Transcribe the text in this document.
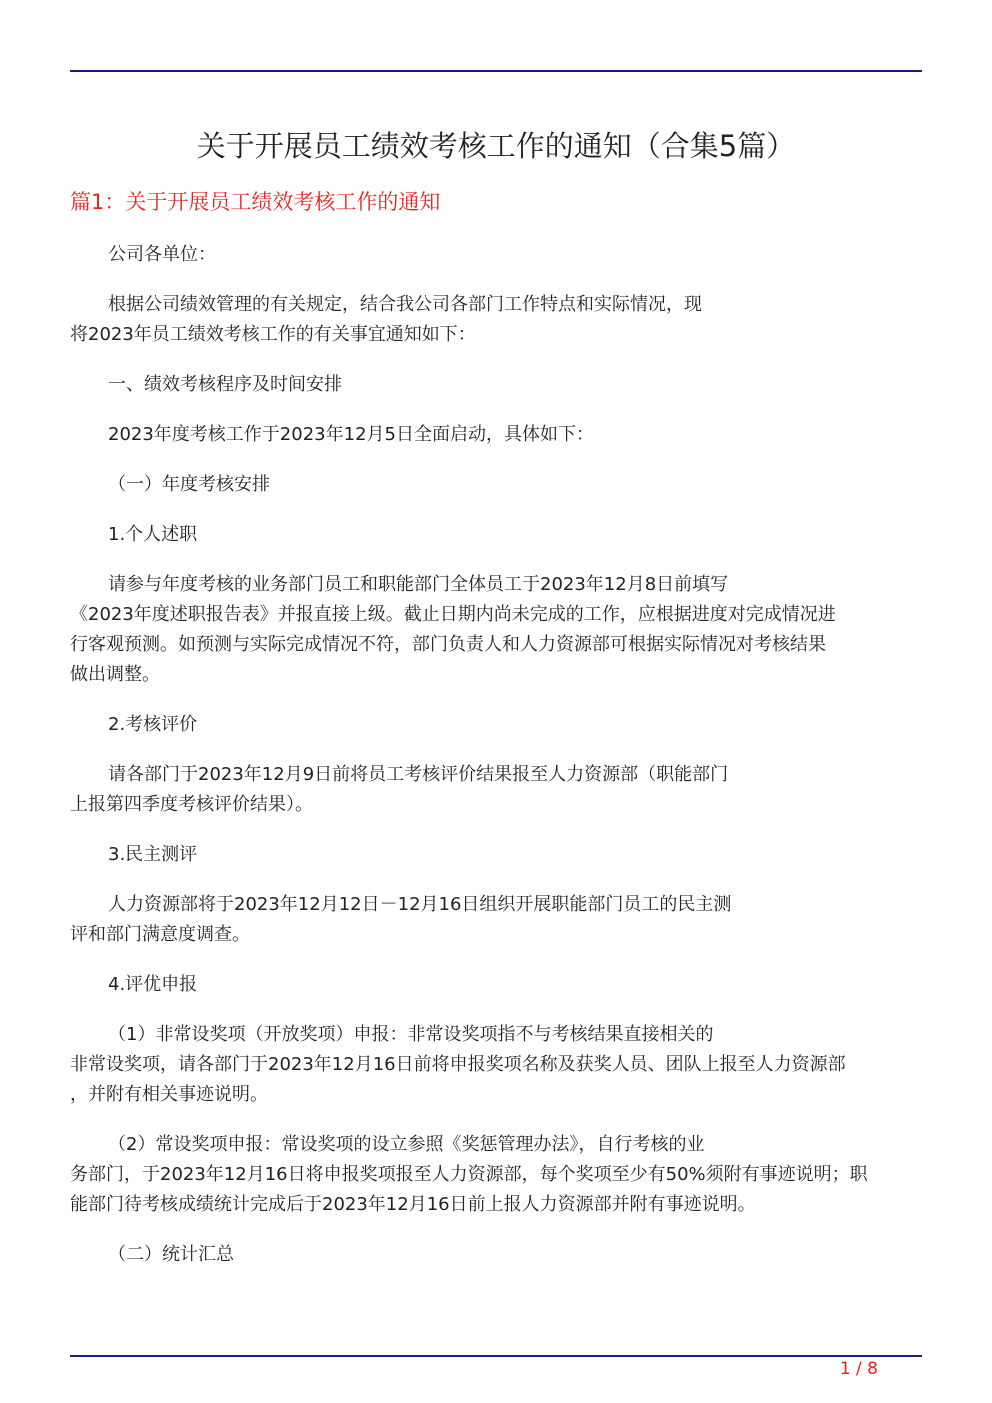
关于开展员工绩效考核工作的通知（合集5篇）
篇1：关于开展员工绩效考核工作的通知

公司各单位：

根据公司绩效管理的有关规定，结合我公司各部门工作特点和实际情况，现
将2023年员工绩效考核工作的有关事宜通知如下：

一、绩效考核程序及时间安排

2023年度考核工作于2023年12月5日全面启动，具体如下：

（一）年度考核安排

1.个人述职

请参与年度考核的业务部门员工和职能部门全体员工于2023年12月8日前填写
《2023年度述职报告表》并报直接上级。截止日期内尚未完成的工作，应根据进度对完成情况进
行客观预测。如预测与实际完成情况不符，部门负责人和人力资源部可根据实际情况对考核结果
做出调整。

2.考核评价

请各部门于2023年12月9日前将员工考核评价结果报至人力资源部（职能部门
上报第四季度考核评价结果）。

3.民主测评

人力资源部将于2023年12月12日－12月16日组织开展职能部门员工的民主测
评和部门满意度调查。

4.评优申报

（1）非常设奖项（开放奖项）申报：非常设奖项指不与考核结果直接相关的
非常设奖项，请各部门于2023年12月16日前将申报奖项名称及获奖人员、团队上报至人力资源部
，并附有相关事迹说明。

（2）常设奖项申报：常设奖项的设立参照《奖惩管理办法》，自行考核的业
务部门，于2023年12月16日将申报奖项报至人力资源部，每个奖项至少有50%须附有事迹说明；职
能部门待考核成绩统计完成后于2023年12月16日前上报人力资源部并附有事迹说明。

（二）统计汇总

1 / 8
